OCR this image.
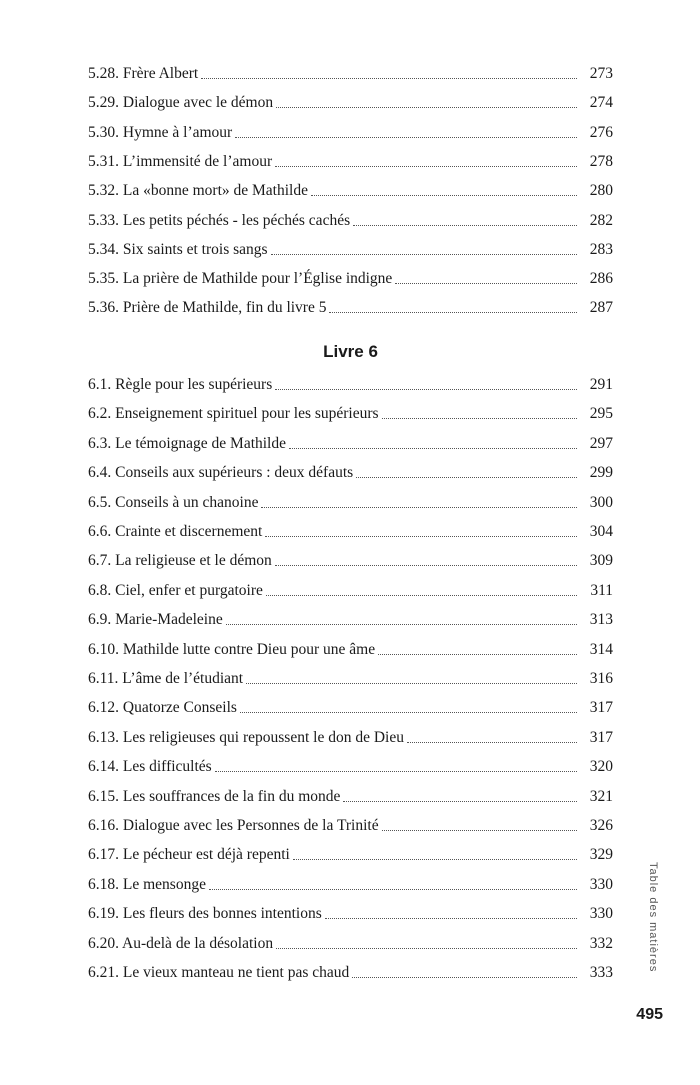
5.28. Frère Albert	273
5.29. Dialogue avec le démon	274
5.30. Hymne à l’amour	276
5.31. L’immensité de l’amour	278
5.32. La «bonne mort» de Mathilde	280
5.33. Les petits péchés - les péchés cachés	282
5.34. Six saints et trois sangs	283
5.35. La prière de Mathilde pour l’Église indigne	286
5.36. Prière de Mathilde, fin du livre 5	287
Livre 6
6.1. Règle pour les supérieurs	291
6.2. Enseignement spirituel pour les supérieurs	295
6.3. Le témoignage de Mathilde	297
6.4. Conseils aux supérieurs : deux défauts	299
6.5. Conseils à un chanoine	300
6.6. Crainte et discernement	304
6.7. La religieuse et le démon	309
6.8. Ciel, enfer et purgatoire	311
6.9. Marie-Madeleine	313
6.10. Mathilde lutte contre Dieu pour une âme	314
6.11. L’âme de l’étudiant	316
6.12. Quatorze Conseils	317
6.13. Les religieuses qui repoussent le don de Dieu	317
6.14. Les difficultés	320
6.15. Les souffrances de la fin du monde	321
6.16. Dialogue avec les Personnes de la Trinité	326
6.17. Le pécheur est déjà repenti	329
6.18. Le mensonge	330
6.19. Les fleurs des bonnes intentions	330
6.20. Au-delà de la désolation	332
6.21. Le vieux manteau ne tient pas chaud	333
Table des matières
495
